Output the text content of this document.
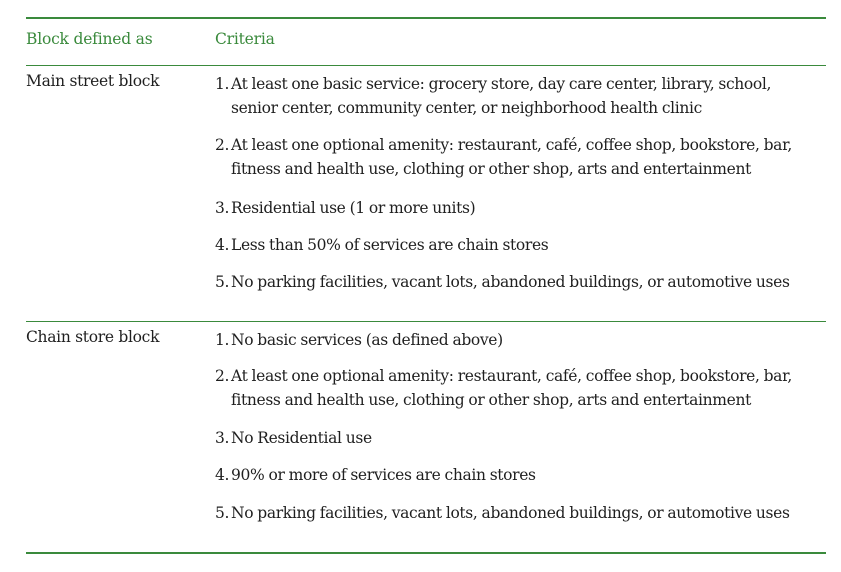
Block defined as	Criteria
Main street block	1. At least one basic service: grocery store, day care center, library, school, senior center, community center, or neighborhood health clinic
2. At least one optional amenity: restaurant, café, coffee shop, bookstore, bar, fitness and health use, clothing or other shop, arts and entertainment
3. Residential use (1 or more units)
4. Less than 50% of services are chain stores
5. No parking facilities, vacant lots, abandoned buildings, or automotive uses
Chain store block	1. No basic services (as defined above)
2. At least one optional amenity: restaurant, café, coffee shop, bookstore, bar, fitness and health use, clothing or other shop, arts and entertainment
3. No Residential use
4. 90% or more of services are chain stores
5. No parking facilities, vacant lots, abandoned buildings, or automotive uses
